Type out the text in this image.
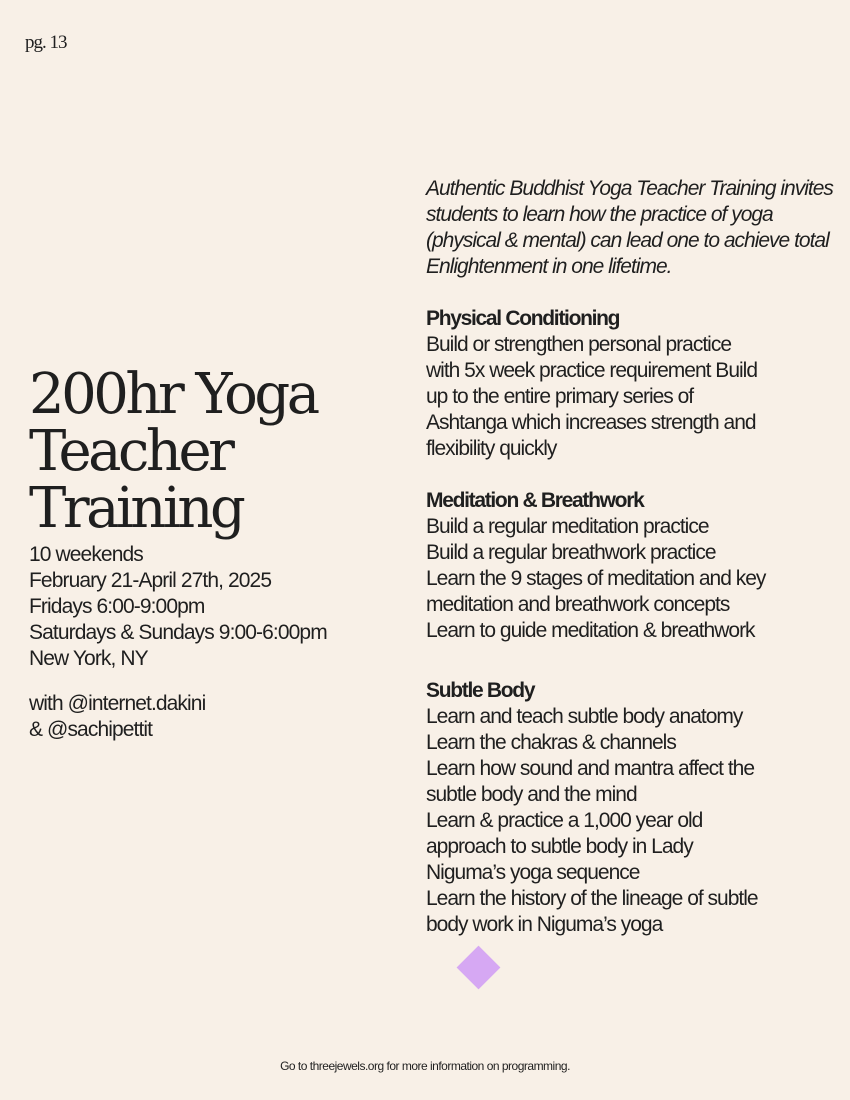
pg. 13
200hr Yoga
Teacher
Training
10 weekends
February 21-April 27th, 2025
Fridays 6:00-9:00pm
Saturdays & Sundays 9:00-6:00pm
New York, NY
with @internet.dakini
& @sachipettit

Authentic Buddhist Yoga Teacher Training invites students to learn how the practice of yoga (physical & mental) can lead one to achieve total Enlightenment in one lifetime.

Physical Conditioning
Build or strengthen personal practice
with 5x week practice requirement Build
up to the entire primary series of
Ashtanga which increases strength and
flexibility quickly
Meditation & Breathwork
Build a regular meditation practice
Build a regular breathwork practice
Learn the 9 stages of meditation and key
meditation and breathwork concepts
Learn to guide meditation & breathwork
Subtle Body
Learn and teach subtle body anatomy
Learn the chakras & channels
Learn how sound and mantra affect the
subtle body and the mind
Learn & practice a 1,000 year old
approach to subtle body in Lady
Niguma’s yoga sequence
Learn the history of the lineage of subtle
body work in Niguma’s yoga
Go to threejewels.org for more information on programming.
